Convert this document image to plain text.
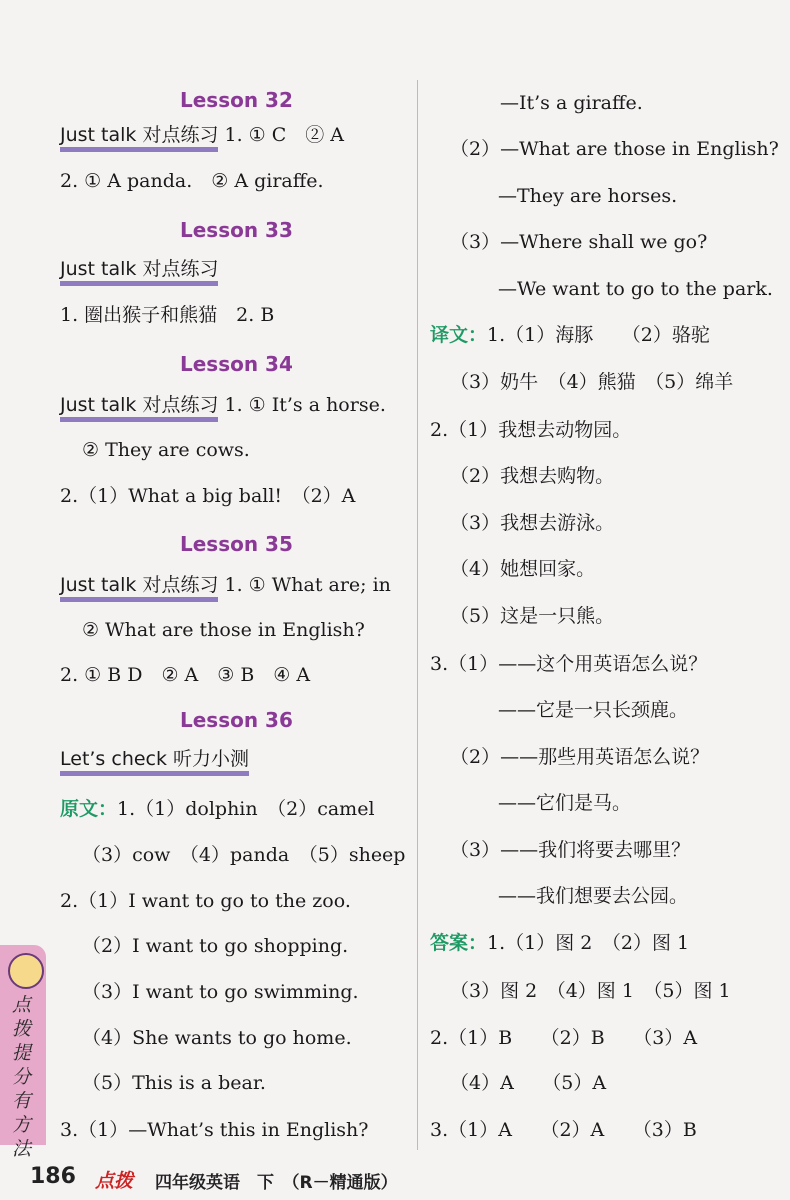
Lesson 32
Just talk 对点练习 1. ① C　② A
2. ① A panda.　② A giraffe.
Lesson 33
Just talk 对点练习
1. 圈出猴子和熊猫　2. B
Lesson 34
Just talk 对点练习 1. ① It’s a horse.
② They are cows.
2.（1）What a big ball!　（2）A
Lesson 35
Just talk 对点练习 1. ① What are; in
② What are those in English?
2. ① B D　② A　③ B　④ A
Lesson 36
Let’s check 听力小测
原文：1.（1）dolphin　（2）camel
（3）cow　（4）panda　（5）sheep
2.（1）I want to go to the zoo.
（2）I want to go shopping.
（3）I want to go swimming.
（4）She wants to go home.
（5）This is a bear.
3.（1）—What’s this in English?
—It’s a giraffe.
（2）—What are those in English?
—They are horses.
（3）—Where shall we go?
—We want to go to the park.
译文：1.（1）海豚　　（2）骆驼
（3）奶牛　（4）熊猫　（5）绵羊
2.（1）我想去动物园。
（2）我想去购物。
（3）我想去游泳。
（4）她想回家。
（5）这是一只熊。
3.（1）——这个用英语怎么说？
——它是一只长颈鹿。
（2）——那些用英语怎么说？
——它们是马。
（3）——我们将要去哪里？
——我们想要去公园。
答案：1.（1）图 2　（2）图 1
（3）图 2　（4）图 1　（5）图 1
2.（1）B　　（2）B　　（3）A
（4）A　　（5）A
3.（1）A　　（2）A　　（3）B
点拨提分有方法
186 点拨 四年级英语　下　（R－精通版）
